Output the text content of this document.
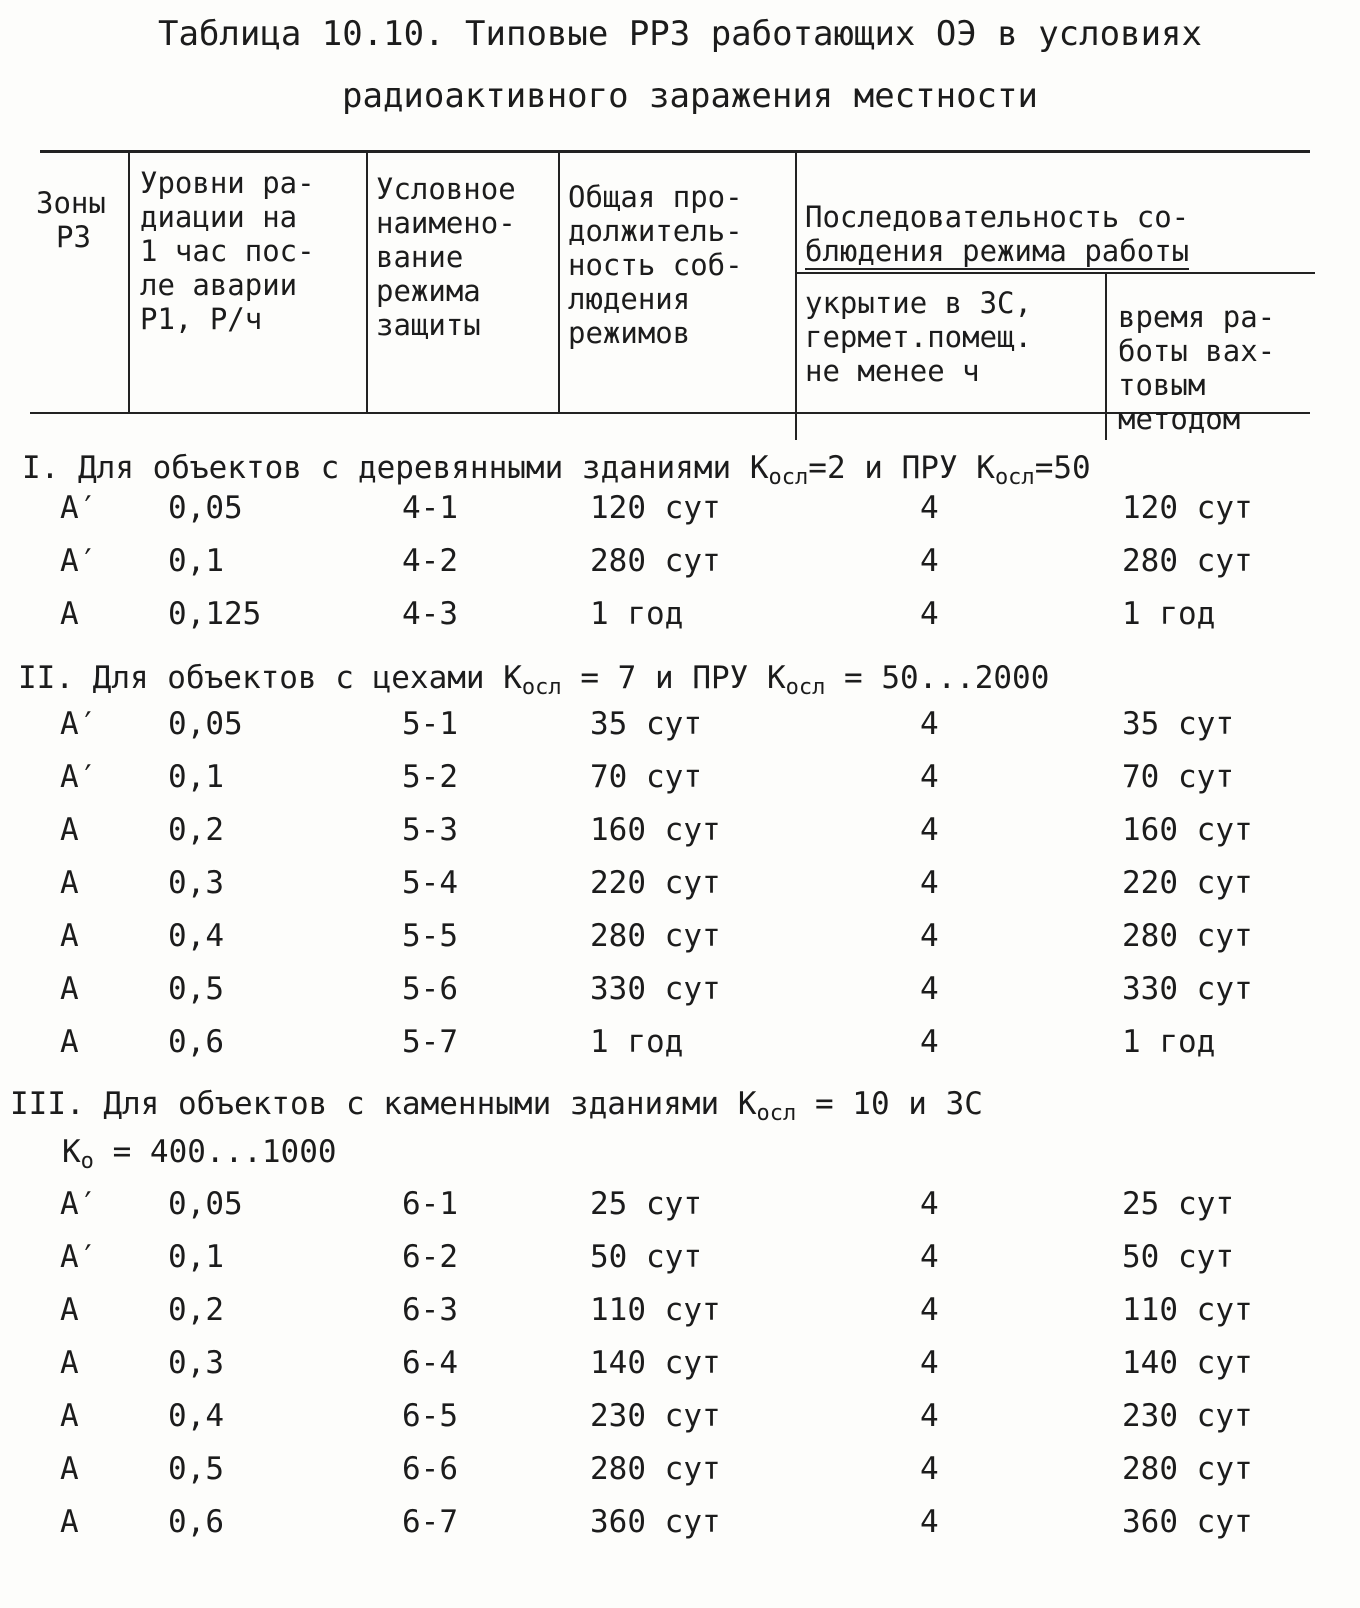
Таблица 10.10. Типовые РРЗ работающих ОЭ в условиях
радиоактивного заражения местности
Зоны
РЗ
Уровни ра-
диации на
1 час пос-
ле аварии
P1, Р/ч
Условное
наимено-
вание
режима
защиты
Общая про-
должитель-
ность соб-
людения
режимов
Последовательность со-
блюдения режима работы
укрытие в ЗС,
гермет.помещ.
не менее ч
время ра-
боты вах-
товым
методом
I. Для объектов с деревянными зданиями $К_{осл}=2$ и ПРУ $К_{осл}=50$
А′ 0,05	4-1	120 сут	4	120 сут
А′ 0,1	4-2	280 сут	4	280 сут
А	0,125	4-3	1 год	4	1 год
II. Для объектов с цехами $К_{осл} = 7$ и ПРУ $К_{осл} = 50...2000$
А′ 0,05	5-1	35 сут	4	35 сут
А′ 0,1	5-2	70 сут	4	70 сут
А	0,2	5-3	160 сут	4	160 сут
А	0,3	5-4	220 сут	4	220 сут
А	0,4	5-5	280 сут	4	280 сут
А	0,5	5-6	330 сут	4	330 сут
А	0,6	5-7	1 год	4	1 год
III. Для объектов с каменными зданиями $К_{осл} = 10$ и ЗС
$К_о = 400...1000$
А′ 0,05	6-1	25 сут	4	25 сут
А′ 0,1	6-2	50 сут	4	50 сут
А	0,2	6-3	110 сут	4	110 сут
А	0,3	6-4	140 сут	4	140 сут
А	0,4	6-5	230 сут	4	230 сут
А	0,5	6-6	280 сут	4	280 сут
А	0,6	6-7	360 сут	4	360 сут
